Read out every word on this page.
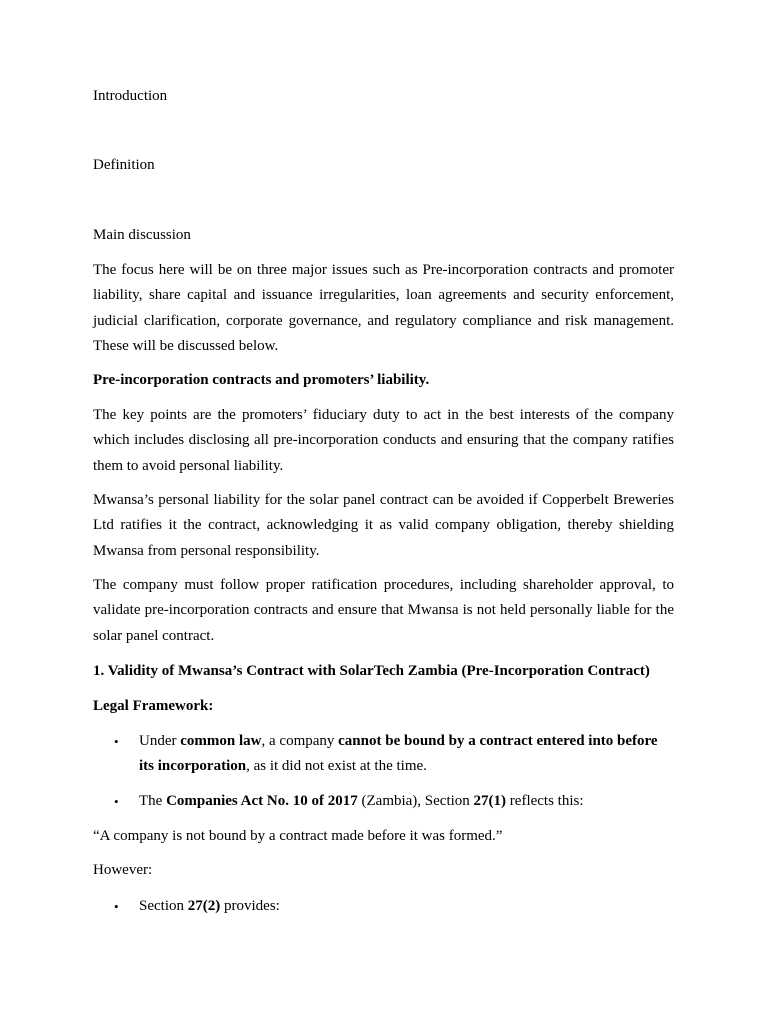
Introduction
Definition
Main discussion

The focus here will be on three major issues such as Pre-incorporation contracts and promoter liability, share capital and issuance irregularities, loan agreements and security enforcement, judicial clarification, corporate governance, and regulatory compliance and risk management. These will be discussed below.

Pre-incorporation contracts and promoters’ liability.

The key points are the promoters’ fiduciary duty to act in the best interests of the company which includes disclosing all pre-incorporation conducts and ensuring that the company ratifies them to avoid personal liability.

Mwansa’s personal liability for the solar panel contract can be avoided if Copperbelt Breweries Ltd ratifies it the contract, acknowledging it as valid company obligation, thereby shielding Mwansa from personal responsibility.

The company must follow proper ratification procedures, including shareholder approval, to validate pre-incorporation contracts and ensure that Mwansa is not held personally liable for the solar panel contract.

1. Validity of Mwansa’s Contract with SolarTech Zambia (Pre-Incorporation Contract)
Legal Framework:

• Under common law, a company cannot be bound by a contract entered into before its incorporation, as it did not exist at the time.

• The Companies Act No. 10 of 2017 (Zambia), Section 27(1) reflects this:

“A company is not bound by a contract made before it was formed.”
However:

• Section 27(2) provides:
